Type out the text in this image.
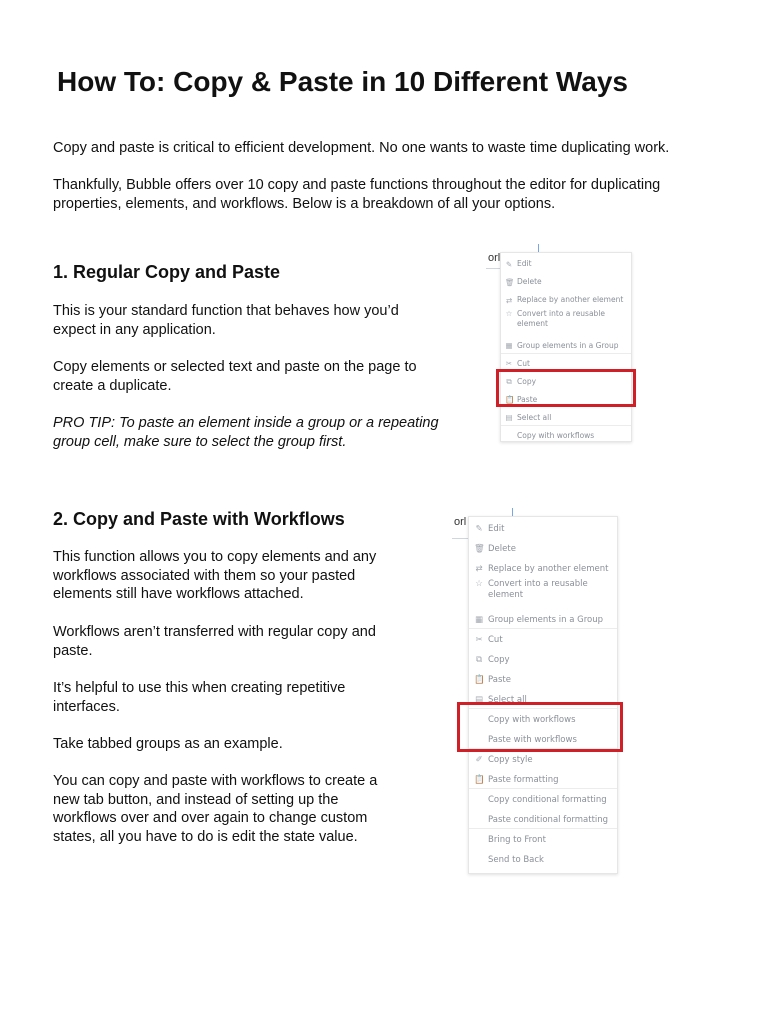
How To: Copy & Paste in 10 Different Ways

Copy and paste is critical to efficient development. No one wants to waste time duplicating work.

Thankfully, Bubble offers over 10 copy and paste functions throughout the editor for duplicating

properties, elements, and workflows. Below is a breakdown of all your options.

1. Regular Copy and Paste

This is your standard function that behaves how you’d

expect in any application.

Copy elements or selected text and paste on the page to

create a duplicate.

PRO TIP: To paste an element inside a group or a repeating

group cell, make sure to select the group first.

orl ✎ Edit
🗑 Delete
⇄ Replace by another element
☆ Convert into a reusable
element
▦ Group elements in a Group
✂ Cut
⧉ Copy
📋 Paste
▤ Select all
Copy with workflows
2. Copy and Paste with Workflows

This function allows you to copy elements and any

workflows associated with them so your pasted

elements still have workflows attached.

Workflows aren’t transferred with regular copy and

paste.

It’s helpful to use this when creating repetitive

interfaces.

Take tabbed groups as an example.

You can copy and paste with workflows to create a

new tab button, and instead of setting up the

workflows over and over again to change custom

states, all you have to do is edit the state value.

orl
✎ Edit
🗑 Delete
⇄ Replace by another element
☆ Convert into a reusable
element
▦ Group elements in a Group
✂ Cut
⧉ Copy
📋 Paste
▤ Select all
Copy with workflows
Paste with workflows
✐ Copy style
📋 Paste formatting
Copy conditional formatting
Paste conditional formatting
Bring to Front
Send to Back
